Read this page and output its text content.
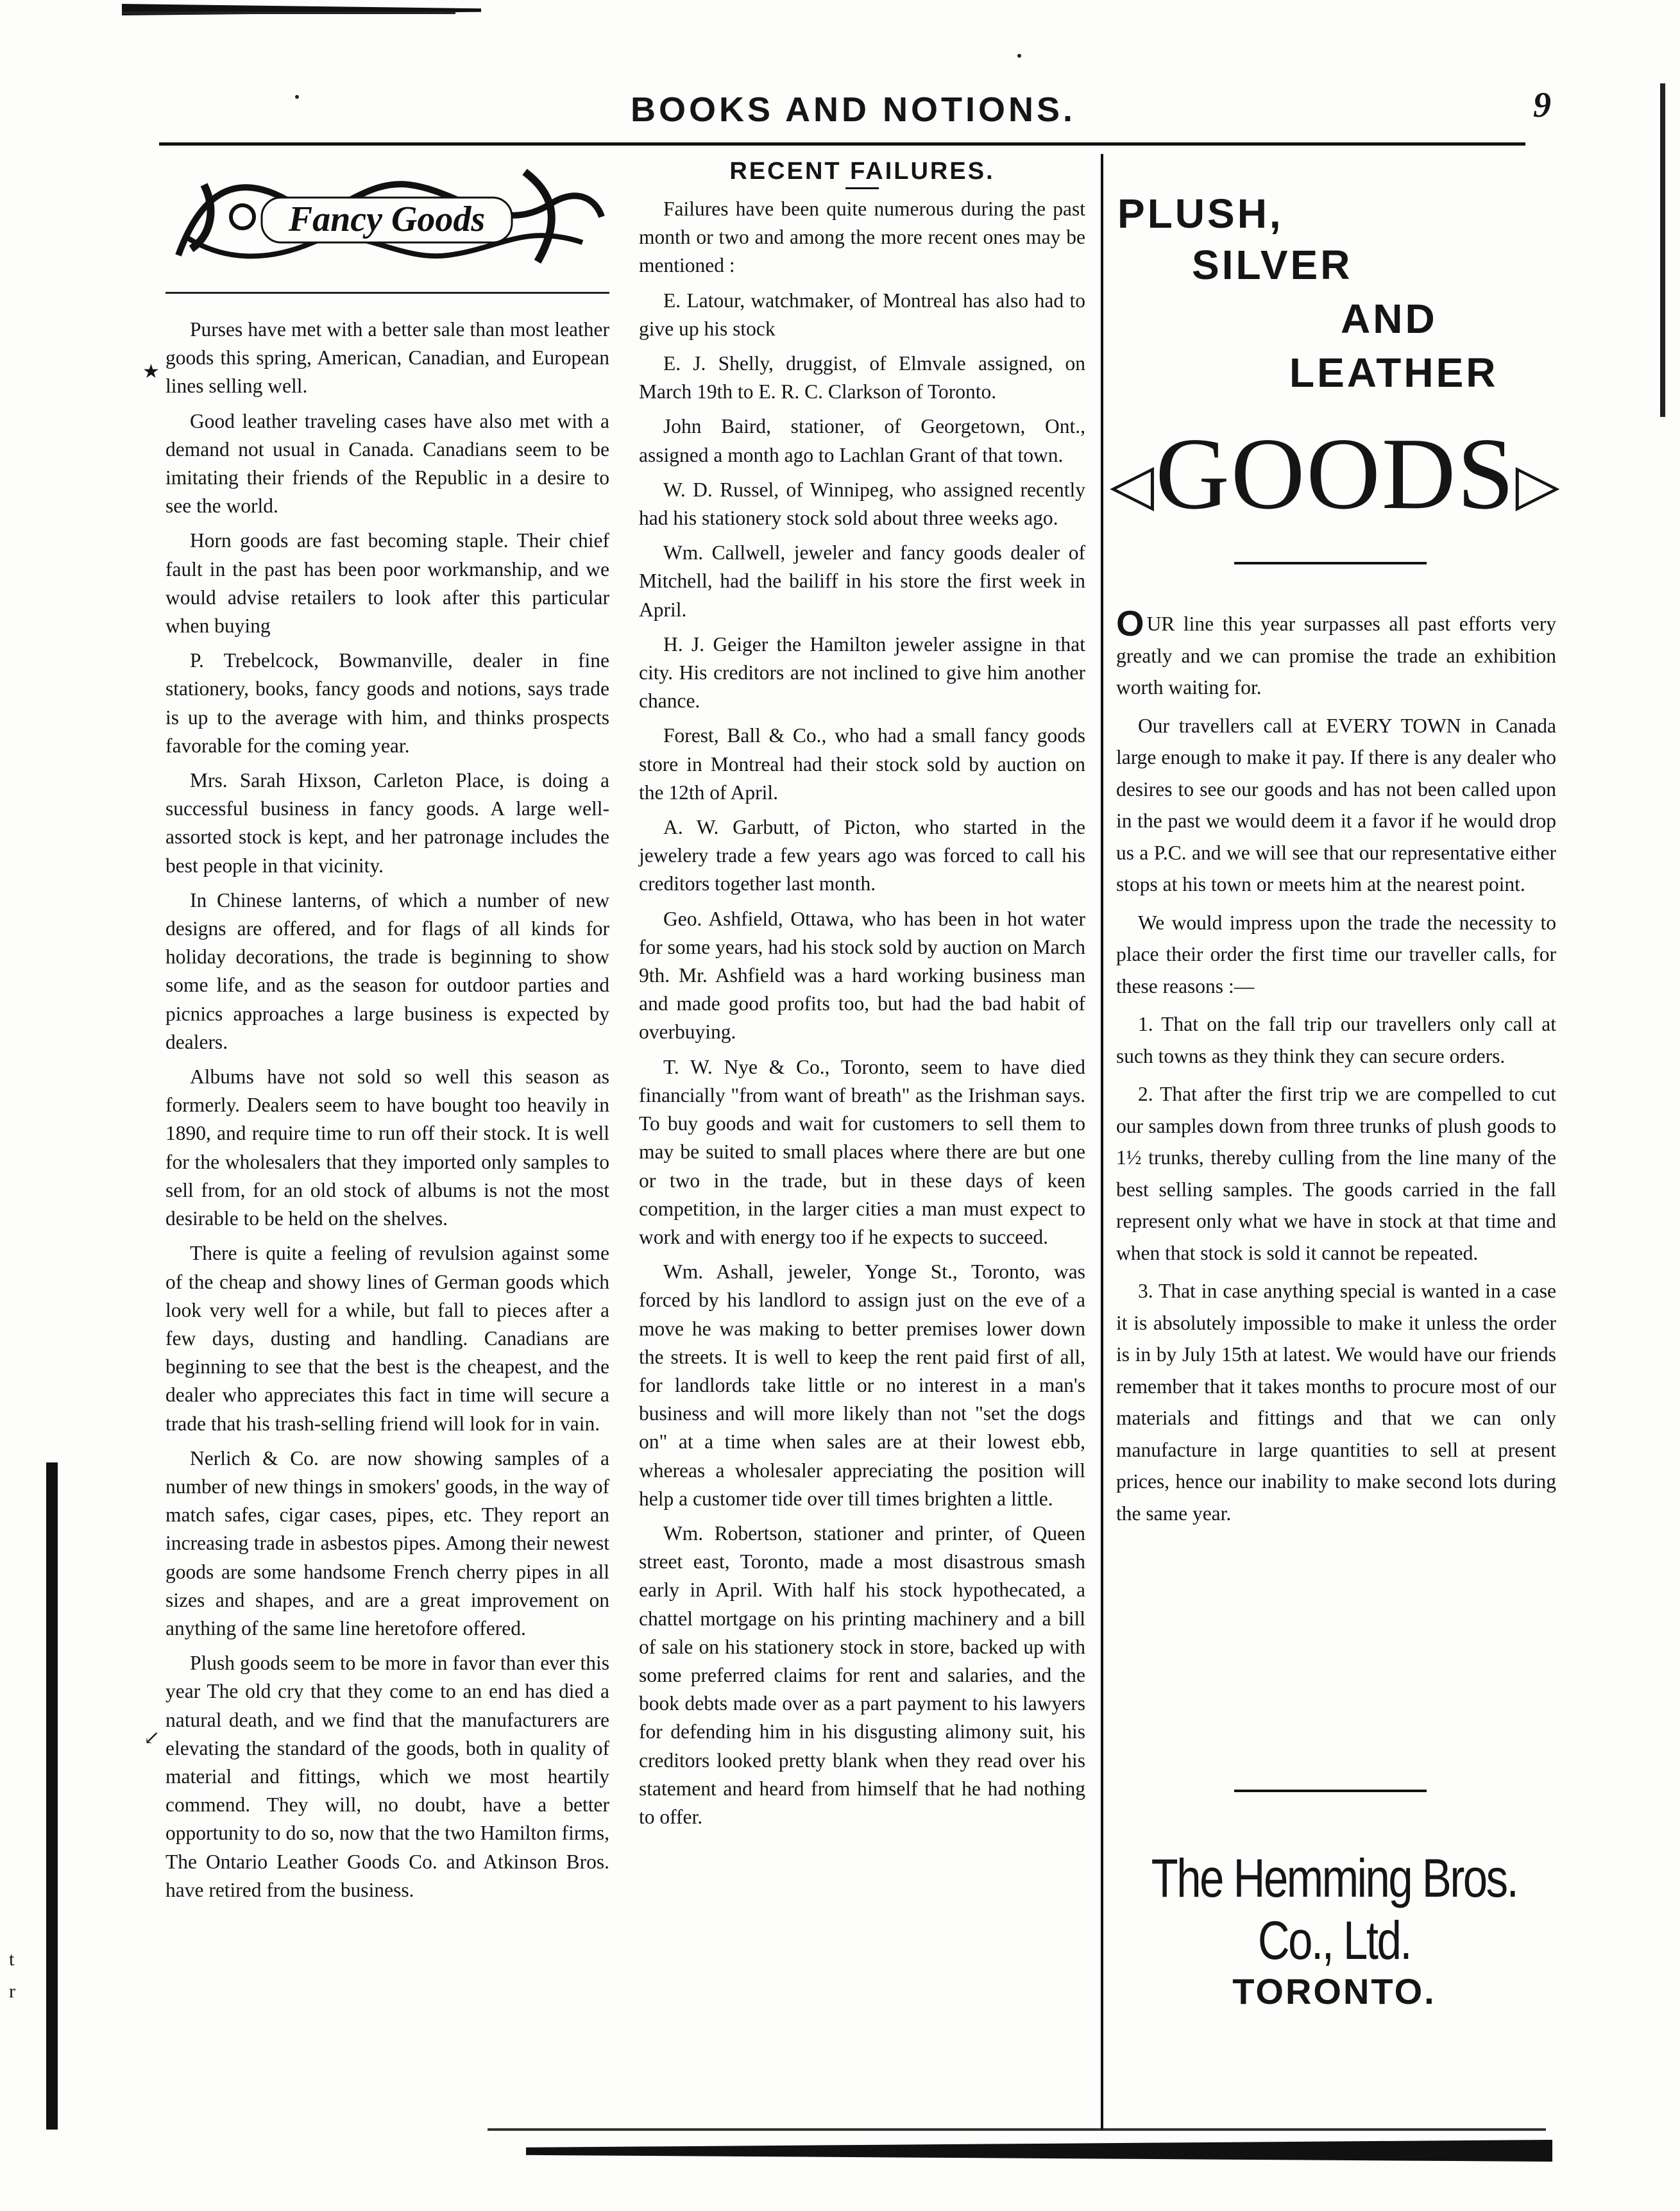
BOOKS AND NOTIONS.	9
Fancy Goods

Purses have met with a better sale than most leather goods this spring, American, Canadian, and European lines selling well.

Good leather traveling cases have also met with a demand not usual in Canada. Canadians seem to be imitating their friends of the Republic in a desire to see the world.

Horn goods are fast becoming staple. Their chief fault in the past has been poor workmanship, and we would advise retailers to look after this particular when buying

P. Trebelcock, Bowmanville, dealer in fine stationery, books, fancy goods and notions, says trade is up to the average with him, and thinks prospects favorable for the coming year.

Mrs. Sarah Hixson, Carleton Place, is doing a successful business in fancy goods. A large well-assorted stock is kept, and her patronage includes the best people in that vicinity.

In Chinese lanterns, of which a number of new designs are offered, and for flags of all kinds for holiday decorations, the trade is beginning to show some life, and as the season for outdoor parties and picnics approaches a large business is expected by dealers.

Albums have not sold so well this season as formerly. Dealers seem to have bought too heavily in 1890, and require time to run off their stock. It is well for the wholesalers that they imported only samples to sell from, for an old stock of albums is not the most desirable to be held on the shelves.

There is quite a feeling of revulsion against some of the cheap and showy lines of German goods which look very well for a while, but fall to pieces after a few days, dusting and handling. Canadians are beginning to see that the best is the cheapest, and the dealer who appreciates this fact in time will secure a trade that his trash-selling friend will look for in vain.

Nerlich & Co. are now showing samples of a number of new things in smokers' goods, in the way of match safes, cigar cases, pipes, etc. They report an increasing trade in asbestos pipes. Among their newest goods are some handsome French cherry pipes in all sizes and shapes, and are a great improvement on anything of the same line heretofore offered.

Plush goods seem to be more in favor than ever this year The old cry that they come to an end has died a natural death, and we find that the manufacturers are elevating the standard of the goods, both in quality of material and fittings, which we most heartily commend. They will, no doubt, have a better opportunity to do so, now that the two Hamilton firms, The Ontario Leather Goods Co. and Atkinson Bros. have retired from the business.

★
↙
t
r
RECENT FAILURES.

Failures have been quite numerous during the past month or two and among the more recent ones may be mentioned :

E. Latour, watchmaker, of Montreal has also had to give up his stock

E. J. Shelly, druggist, of Elmvale assigned, on March 19th to E. R. C. Clarkson of Toronto.

John Baird, stationer, of Georgetown, Ont., assigned a month ago to Lachlan Grant of that town.

W. D. Russel, of Winnipeg, who assigned recently had his stationery stock sold about three weeks ago.

Wm. Callwell, jeweler and fancy goods dealer of Mitchell, had the bailiff in his store the first week in April.

H. J. Geiger the Hamilton jeweler assigne in that city. His creditors are not inclined to give him another chance.

Forest, Ball & Co., who had a small fancy goods store in Montreal had their stock sold by auction on the 12th of April.

A. W. Garbutt, of Picton, who started in the jewelery trade a few years ago was forced to call his creditors together last month.

Geo. Ashfield, Ottawa, who has been in hot water for some years, had his stock sold by auction on March 9th. Mr. Ashfield was a hard working business man and made good profits too, but had the bad habit of overbuying.

T. W. Nye & Co., Toronto, seem to have died financially "from want of breath" as the Irishman says. To buy goods and wait for customers to sell them to may be suited to small places where there are but one or two in the trade, but in these days of keen competition, in the larger cities a man must expect to work and with energy too if he expects to succeed.

Wm. Ashall, jeweler, Yonge St., Toronto, was forced by his landlord to assign just on the eve of a move he was making to better premises lower down the streets. It is well to keep the rent paid first of all, for landlords take little or no interest in a man's business and will more likely than not "set the dogs on" at a time when sales are at their lowest ebb, whereas a wholesaler appreciating the position will help a customer tide over till times brighten a little.

Wm. Robertson, stationer and printer, of Queen street east, Toronto, made a most disastrous smash early in April. With half his stock hypothecated, a chattel mortgage on his printing machinery and a bill of sale on his stationery stock in store, backed up with some preferred claims for rent and salaries, and the book debts made over as a part payment to his lawyers for defending him in his disgusting alimony suit, his creditors looked pretty blank when they read over his statement and heard from himself that he had nothing to offer.

PLUSH,
SILVER
AND
LEATHER
◁GOODS▷

OUR line this year surpasses all past efforts very greatly and we can promise the trade an exhibition worth waiting for.

Our travellers call at EVERY TOWN in Canada large enough to make it pay. If there is any dealer who desires to see our goods and has not been called upon in the past we would deem it a favor if he would drop us a P.C. and we will see that our representative either stops at his town or meets him at the nearest point.

We would impress upon the trade the necessity to place their order the first time our traveller calls, for these reasons :—

1. That on the fall trip our travellers only call at such towns as they think they can secure orders.

2. That after the first trip we are compelled to cut our samples down from three trunks of plush goods to 1½ trunks, thereby culling from the line many of the best selling samples. The goods carried in the fall represent only what we have in stock at that time and when that stock is sold it cannot be repeated.

3. That in case anything special is wanted in a case it is absolutely impossible to make it unless the order is in by July 15th at latest. We would have our friends remember that it takes months to procure most of our materials and fittings and that we can only manufacture in large quantities to sell at present prices, hence our inability to make second lots during the same year.

The Hemming Bros. Co., Ltd.
TORONTO.
